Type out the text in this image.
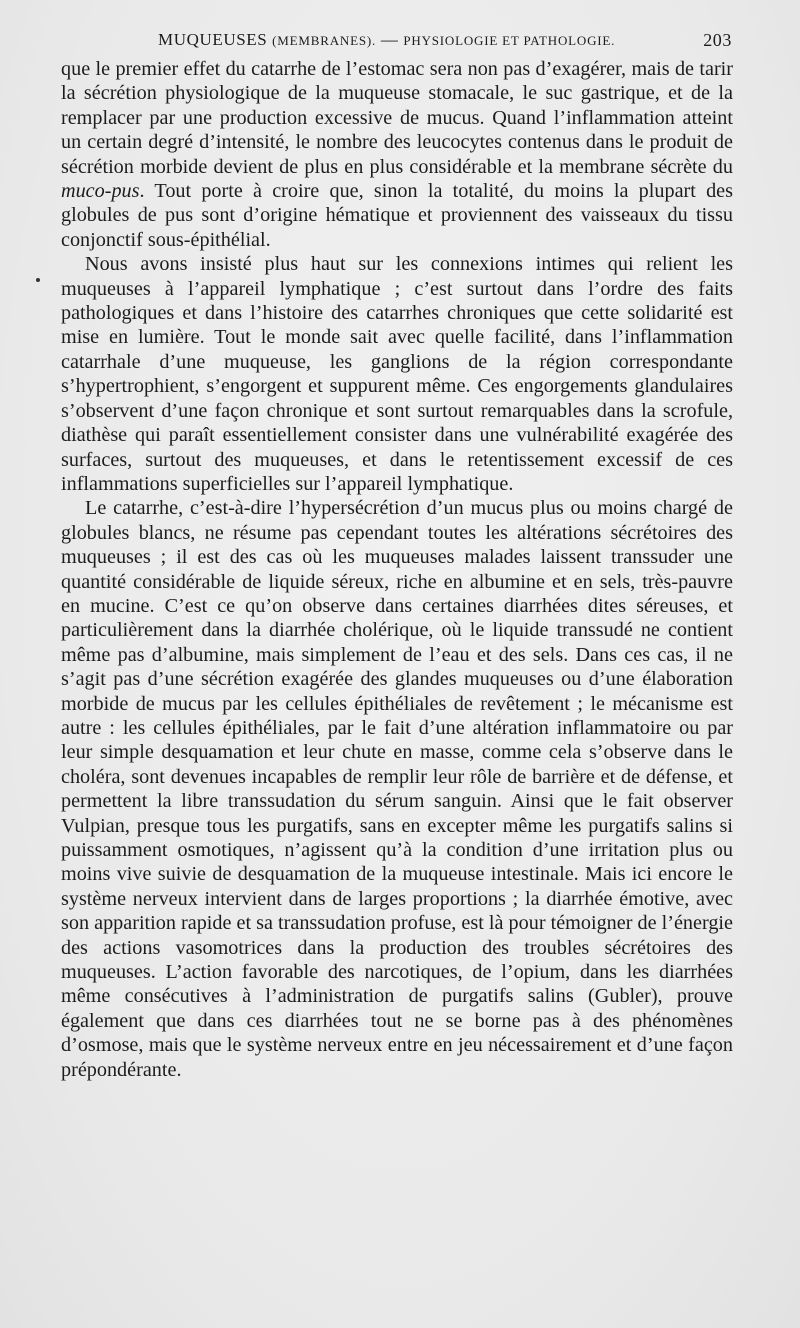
MUQUEUSES (MEMBRANES). — PHYSIOLOGIE ET PATHOLOGIE.	203

que le premier effet du catarrhe de l’estomac sera non pas d’exagérer, mais de tarir la sécrétion physiologique de la muqueuse stomacale, le suc gastrique, et de la remplacer par une production excessive de mucus. Quand l’inflammation atteint un certain degré d’intensité, le nombre des leucocytes contenus dans le produit de sécrétion morbide devient de plus en plus considérable et la membrane sécrète du muco-pus. Tout porte à croire que, sinon la totalité, du moins la plupart des globules de pus sont d’origine hématique et proviennent des vaisseaux du tissu conjonctif sous-épithélial.

Nous avons insisté plus haut sur les connexions intimes qui relient les muqueuses à l’appareil lymphatique ; c’est surtout dans l’ordre des faits pathologiques et dans l’histoire des catarrhes chroniques que cette solidarité est mise en lumière. Tout le monde sait avec quelle facilité, dans l’inflammation catarrhale d’une muqueuse, les ganglions de la région correspondante s’hypertrophient, s’engorgent et suppurent même. Ces engorgements glandulaires s’observent d’une façon chronique et sont surtout remarquables dans la scrofule, diathèse qui paraît essentiellement consister dans une vulnérabilité exagérée des surfaces, surtout des muqueuses, et dans le retentissement excessif de ces inflammations superficielles sur l’appareil lymphatique.

Le catarrhe, c’est-à-dire l’hypersécrétion d’un mucus plus ou moins chargé de globules blancs, ne résume pas cependant toutes les altérations sécrétoires des muqueuses ; il est des cas où les muqueuses malades laissent transsuder une quantité considérable de liquide séreux, riche en albumine et en sels, très-pauvre en mucine. C’est ce qu’on observe dans certaines diarrhées dites séreuses, et particulièrement dans la diarrhée cholérique, où le liquide transsudé ne contient même pas d’albumine, mais simplement de l’eau et des sels. Dans ces cas, il ne s’agit pas d’une sécrétion exagérée des glandes muqueuses ou d’une élaboration morbide de mucus par les cellules épithéliales de revêtement ; le mécanisme est autre : les cellules épithéliales, par le fait d’une altération inflammatoire ou par leur simple desquamation et leur chute en masse, comme cela s’observe dans le choléra, sont devenues incapables de remplir leur rôle de barrière et de défense, et permettent la libre transsudation du sérum sanguin. Ainsi que le fait observer Vulpian, presque tous les purgatifs, sans en excepter même les purgatifs salins si puissamment osmotiques, n’agissent qu’à la condition d’une irritation plus ou moins vive suivie de desquamation de la muqueuse intestinale. Mais ici encore le système nerveux intervient dans de larges proportions ; la diarrhée émotive, avec son apparition rapide et sa transsudation profuse, est là pour témoigner de l’énergie des actions vasomotrices dans la production des troubles sécrétoires des muqueuses. L’action favorable des narcotiques, de l’opium, dans les diarrhées même consécutives à l’administration de purgatifs salins (Gubler), prouve également que dans ces diarrhées tout ne se borne pas à des phénomènes d’osmose, mais que le système nerveux entre en jeu nécessairement et d’une façon prépondérante.
